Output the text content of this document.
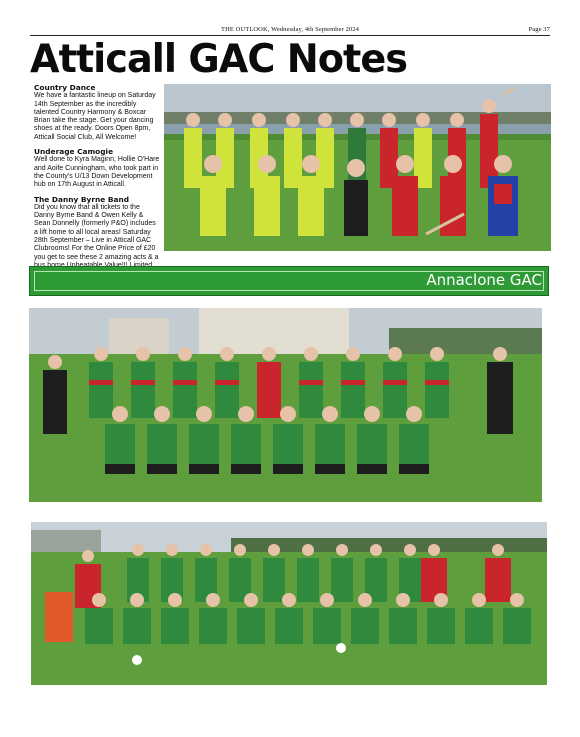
THE OUTLOOK, Wednesday, 4th September 2024	Page 37
Atticall GAC Notes
Country Dance

We have a fantastic lineup on Saturday 14th September as the incredibly talented Country Harmony & Boxcar Brian take the stage. Get your dancing shoes at the ready. Doors Open 8pm, Atticall Social Club, All Welcome!

Underage Camogie

Well done to Kyra Maginn, Hollie O'Hare and Aoife Cunningham, who took part in the County's U/13 Down Development hub on 17th August in Atticall.

The Danny Byrne Band

Did you know that all tickets to the Danny Byrne Band & Owen Kelly & Sean Donnelly (formerly P&O) includes a lift home to all local areas! Saturday 28th September – Live in Atticall GAC Clubrooms! For the Online Price of £20 you get to see these 2 amazing acts & a

Annaclone GAC
